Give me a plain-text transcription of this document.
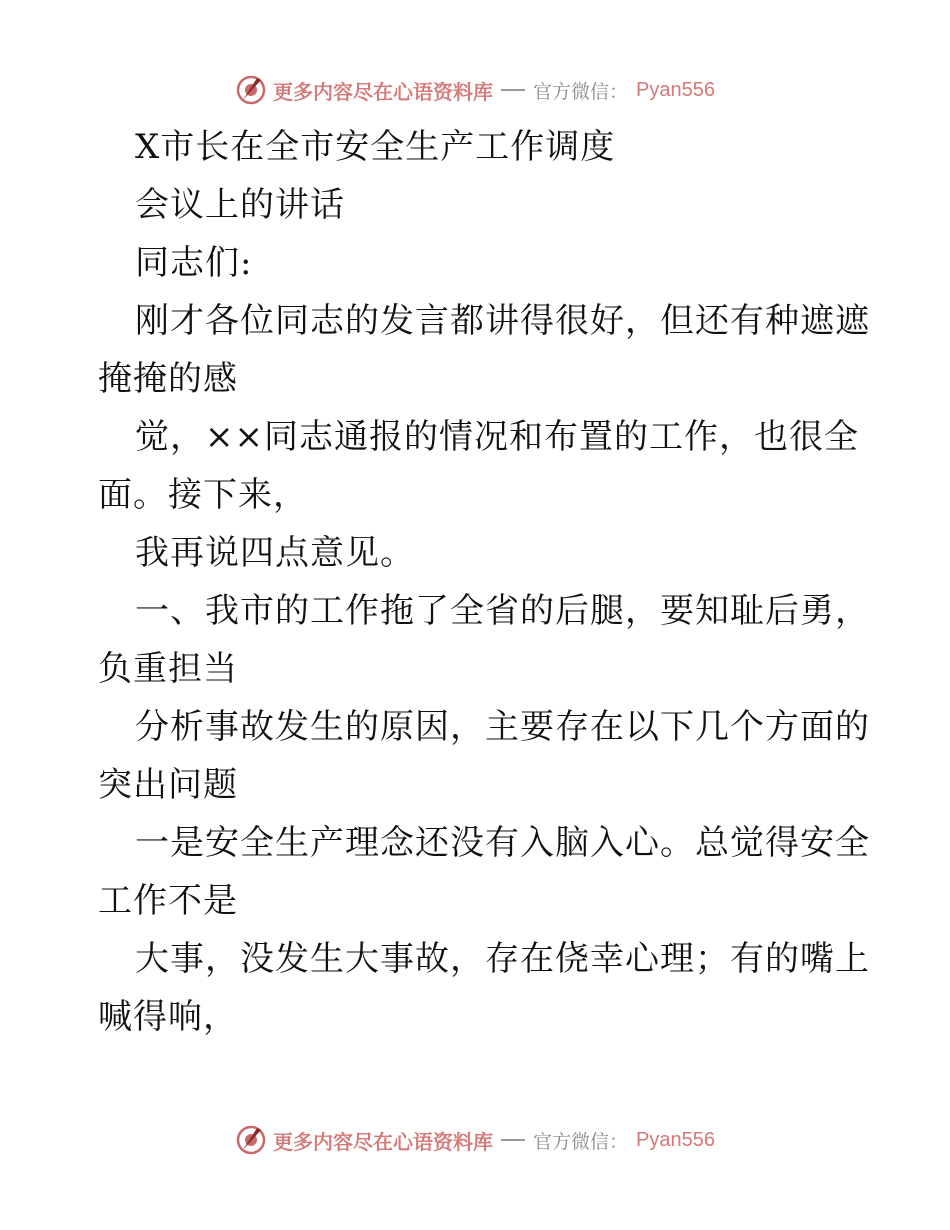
更多内容尽在心语资料库 官方微信： Pyan556

X市长在全市安全生产工作调度

会议上的讲话

同志们:

刚才各位同志的发言都讲得很好，但还有种遮遮

掩掩的感

觉，××同志通报的情况和布置的工作，也很全

面。接下来，

我再说四点意见。

一、我市的工作拖了全省的后腿，要知耻后勇，

负重担当

分析事故发生的原因，主要存在以下几个方面的

突出问题

一是安全生产理念还没有入脑入心。总觉得安全

工作不是

大事，没发生大事故，存在侥幸心理；有的嘴上

喊得响，

更多内容尽在心语资料库 官方微信： Pyan556
